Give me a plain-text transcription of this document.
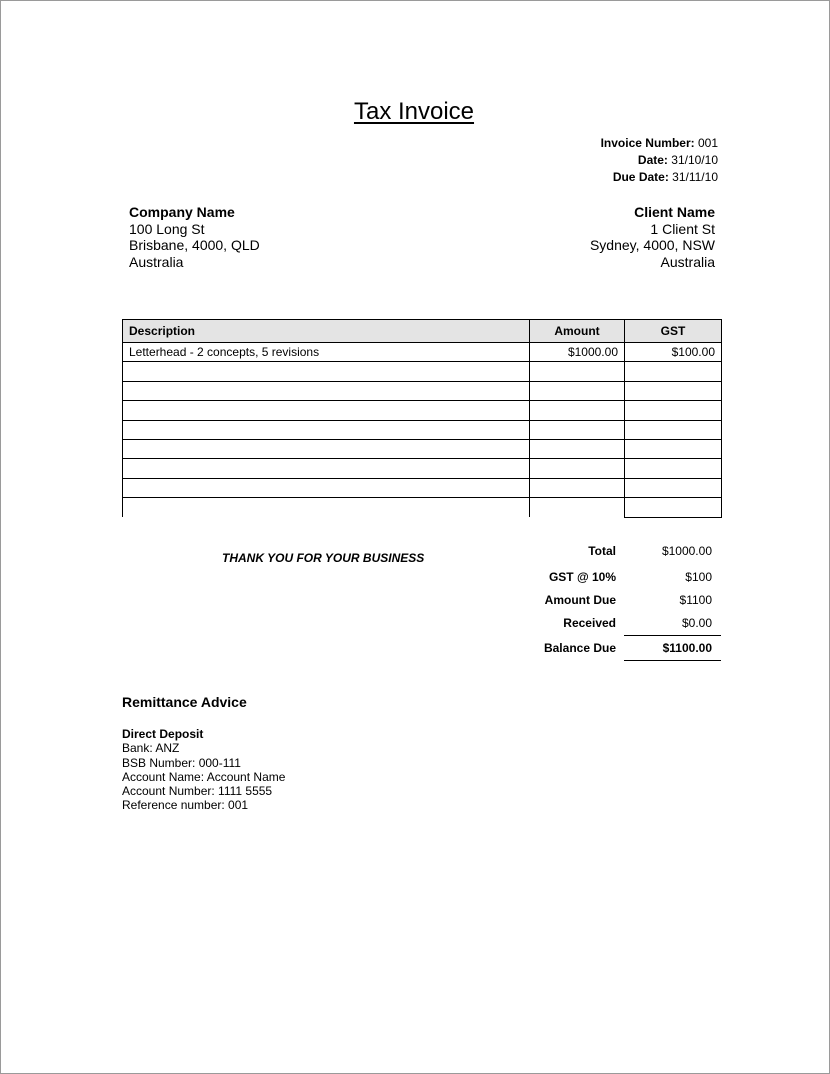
Tax Invoice
Invoice Number: 001
Date: 31/10/10
Due Date: 31/11/10
Company Name
100 Long St
Brisbane, 4000, QLD
Australia
Client Name
1 Client St
Sydney, 4000, NSW
Australia
Description	Amount	GST
Letterhead - 2 concepts, 5 revisions	$1000.00	$100.00

THANK YOU FOR YOUR BUSINESS	Total	$1000.00
GST @ 10%	$100
Amount Due	$1100
Received	$0.00
Balance Due	$1100.00
Remittance Advice
Direct Deposit
Bank: ANZ
BSB Number: 000-111
Account Name: Account Name
Account Number: 1111 5555
Reference number: 001
